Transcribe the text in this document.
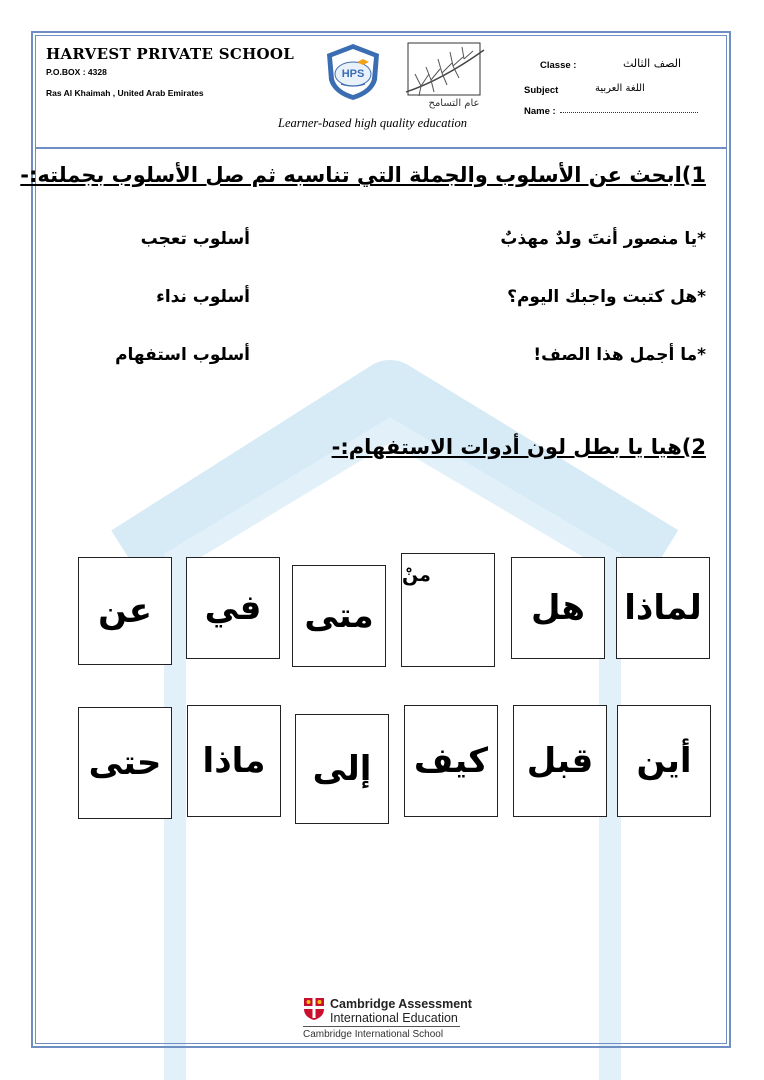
HARVEST PRIVATE SCHOOL
P.O.BOX : 4328
Ras Al Khaimah , United Arab Emirates
HPS
عام التسامح
Learner-based high quality education
Classe :	الصف الثالث
Subject	اللغة العربية
Name :
1)ابحث عن الأسلوب والجملة التي تناسبه ثم صل الأسلوب بجملته:-
*يا منصور أنتَ ولدٌ مهذبٌ
أسلوب تعجب
*هل كتبت واجبك اليوم؟
أسلوب نداء
*ما أجمل هذا الصف!
أسلوب استفهام
2)هيا يا بطل لون أدوات الاستفهام:-
لماذا
هل
منْ
متى
في
عن
أين
قبل
كيف
إلى
ماذا
حتى
Cambridge Assessment
International Education
Cambridge International School
